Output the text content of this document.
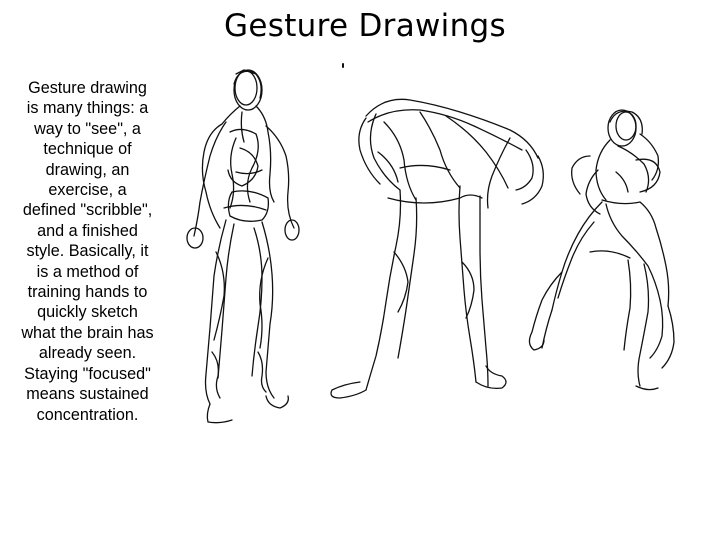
Gesture Drawings
Gesture drawing
is many things: a
way to "see", a
technique of
drawing, an
exercise, a
defined "scribble",
and a finished
style. Basically, it
is a method of
training hands to
quickly sketch
what the brain has
already seen.
Staying "focused"
means sustained
concentration.
